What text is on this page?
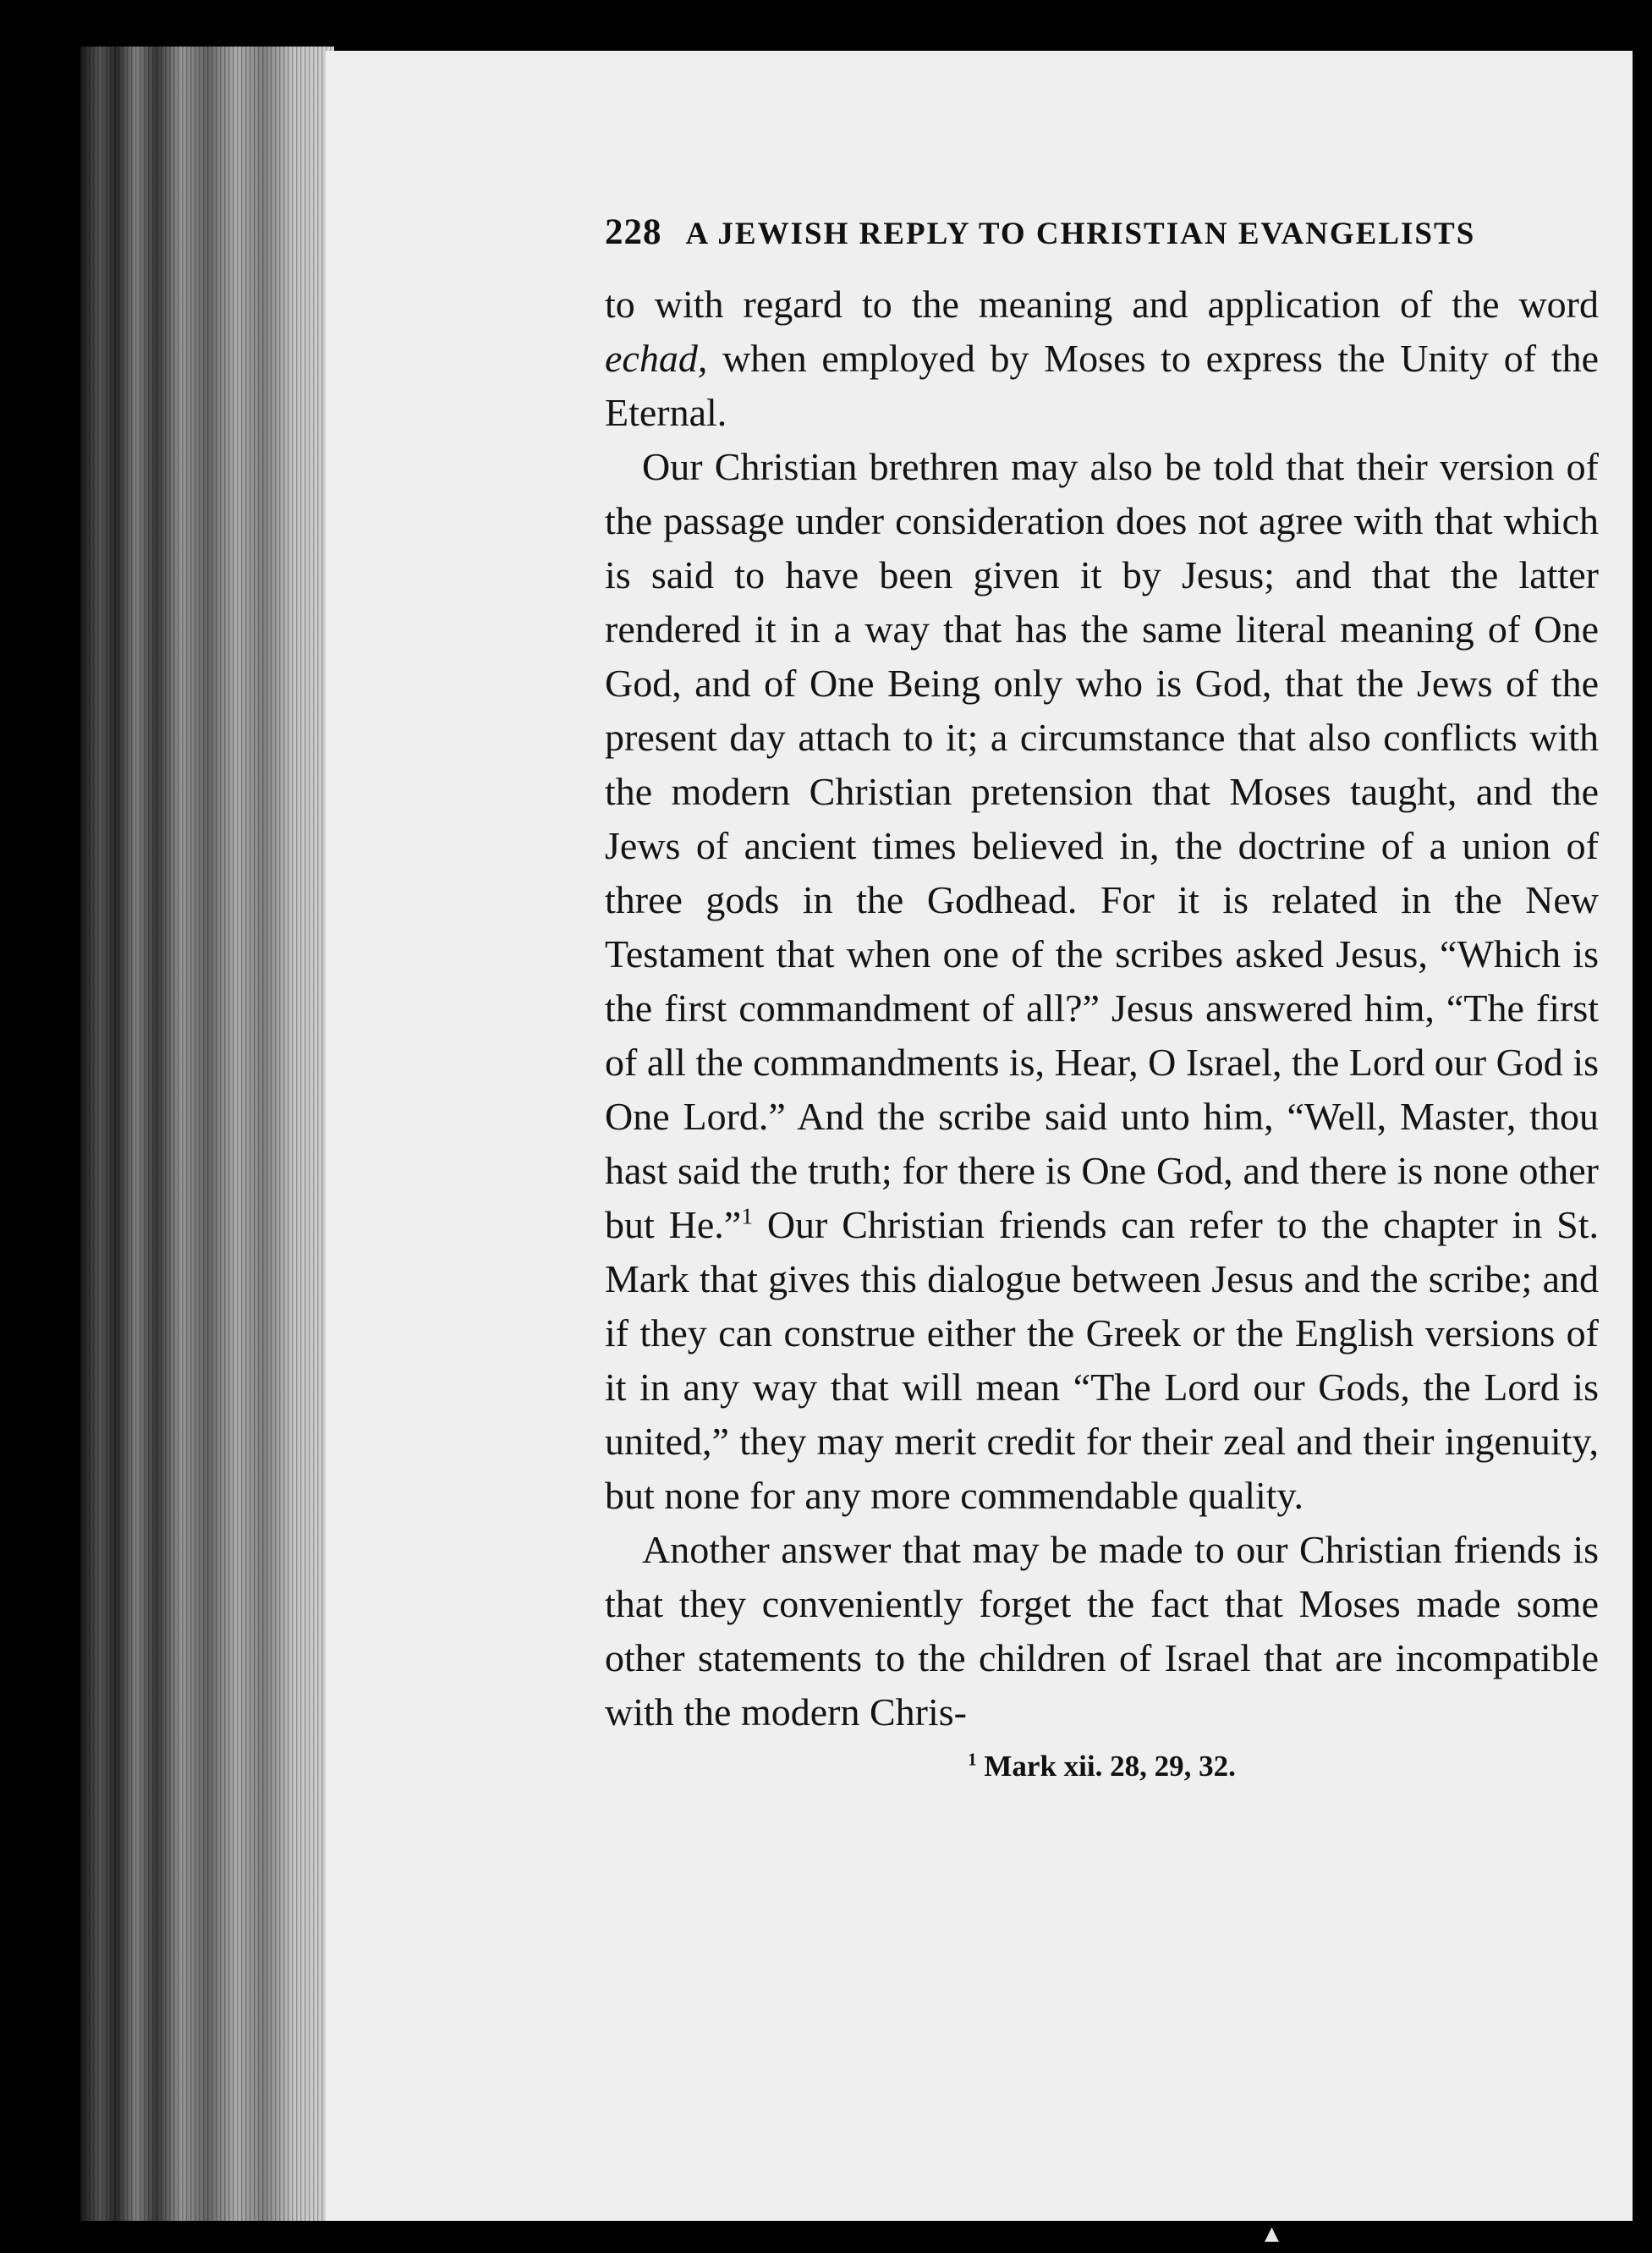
228 A JEWISH REPLY TO CHRISTIAN EVANGELISTS

to with regard to the meaning and application of the word echad, when employed by Moses to express the Unity of the Eternal.

Our Christian brethren may also be told that their version of the passage under consideration does not agree with that which is said to have been given it by Jesus; and that the latter rendered it in a way that has the same literal meaning of One God, and of One Being only who is God, that the Jews of the present day attach to it; a circumstance that also conflicts with the modern Christian pretension that Moses taught, and the Jews of ancient times believed in, the doctrine of a union of three gods in the Godhead. For it is related in the New Testament that when one of the scribes asked Jesus, “Which is the first commandment of all?” Jesus answered him, “The first of all the commandments is, Hear, O Israel, the Lord our God is One Lord.” And the scribe said unto him, “Well, Master, thou hast said the truth; for there is One God, and there is none other but He.”$^1$ Our Christian friends can refer to the chapter in St. Mark that gives this dialogue between Jesus and the scribe; and if they can construe either the Greek or the English versions of it in any way that will mean “The Lord our Gods, the Lord is united,” they may merit credit for their zeal and their ingenuity, but none for any more commendable quality.

Another answer that may be made to our Christian friends is that they conveniently forget the fact that Moses made some other statements to the children of Israel that are incompatible with the modern Chris-

$^1$ Mark xii. 28, 29, 32.
▲
